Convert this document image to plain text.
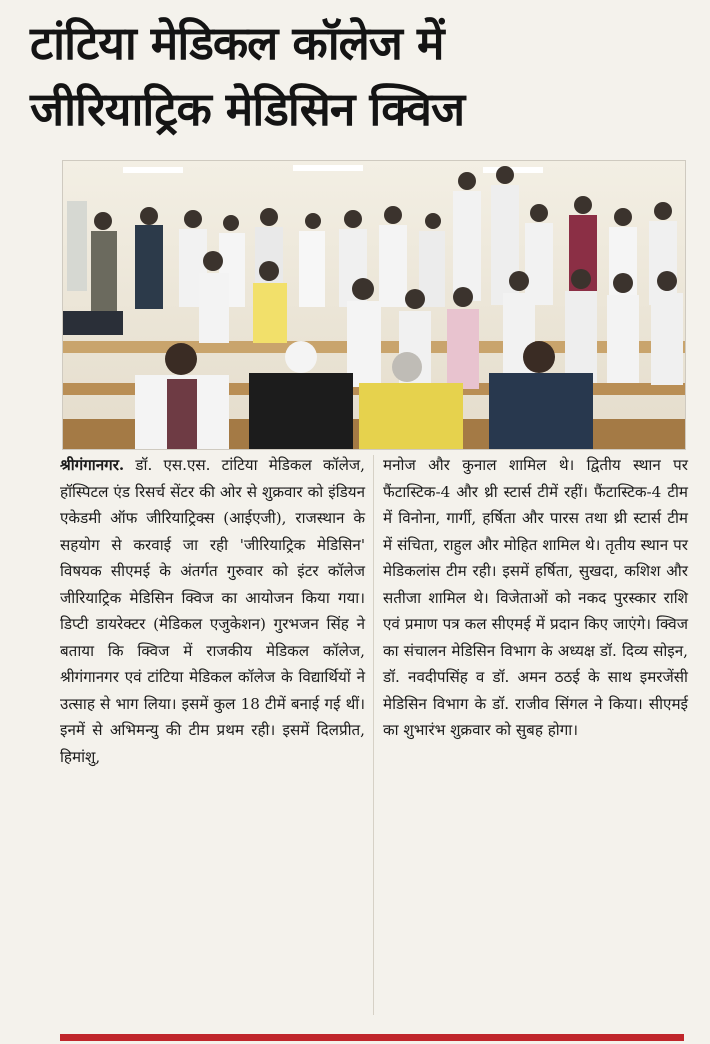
टांटिया मेडिकल कॉलेज में
जीरियाट्रिक मेडिसिन क्विज
श्रीगंगानगर. डॉ. एस.एस. टांटिया मेडिकल कॉलेज, हॉस्पिटल एंड रिसर्च सेंटर की ओर से शुक्रवार को इंडियन एकेडमी ऑफ जीरियाट्रिक्स (आईएजी), राजस्थान के सहयोग से करवाई जा रही 'जीरियाट्रिक मेडिसिन' विषयक सीएमई के अंतर्गत गुरुवार को इंटर कॉलेज जीरियाट्रिक मेडिसिन क्विज का आयोजन किया गया। डिप्टी डायरेक्टर (मेडिकल एजुकेशन) गुरभजन सिंह ने बताया कि क्विज में राजकीय मेडिकल कॉलेज, श्रीगंगानगर एवं टांटिया मेडिकल कॉलेज के विद्यार्थियों ने उत्साह से भाग लिया। इसमें कुल 18 टीमें बनाई गई थीं। इनमें से अभिमन्यु की टीम प्रथम रही। इसमें दिलप्रीत, हिमांशु,
मनोज और कुनाल शामिल थे। द्वितीय स्थान पर फैंटास्टिक-4 और थ्री स्टार्स टीमें रहीं। फैंटास्टिक-4 टीम में विनोना, गार्गी, हर्षिता और पारस तथा थ्री स्टार्स टीम में संचिता, राहुल और मोहित शामिल थे। तृतीय स्थान पर मेडिकलांस टीम रही। इसमें हर्षिता, सुखदा, कशिश और सतीजा शामिल थे। विजेताओं को नकद पुरस्कार राशि एवं प्रमाण पत्र कल सीएमई में प्रदान किए जाएंगे। क्विज का संचालन मेडिसिन विभाग के अध्यक्ष डॉ. दिव्य सोइन, डॉ. नवदीपसिंह व डॉ. अमन ठठई के साथ इमरजेंसी मेडिसिन विभाग के डॉ. राजीव सिंगल ने किया। सीएमई का शुभारंभ शुक्रवार को सुबह होगा।
